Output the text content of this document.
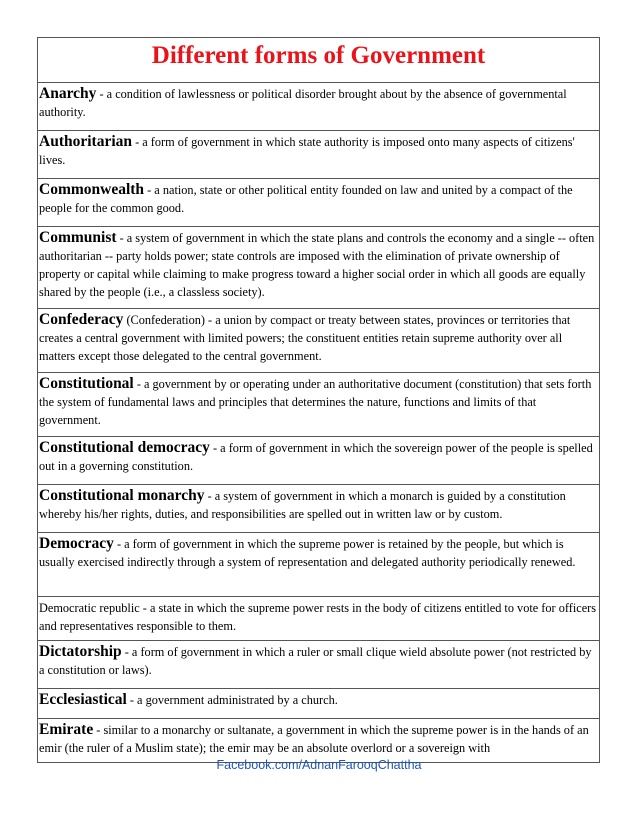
Different forms of Government
Anarchy - a condition of lawlessness or political disorder brought about by the absence of governmental authority.
Authoritarian - a form of government in which state authority is imposed onto many aspects of citizens' lives.
Commonwealth - a nation, state or other political entity founded on law and united by a compact of the people for the common good.
Communist - a system of government in which the state plans and controls the economy and a single -- often authoritarian -- party holds power; state controls are imposed with the elimination of private ownership of property or capital while claiming to make progress toward a higher social order in which all goods are equally shared by the people (i.e., a classless society).
Confederacy (Confederation) - a union by compact or treaty between states, provinces or territories that creates a central government with limited powers; the constituent entities retain supreme authority over all matters except those delegated to the central government.
Constitutional - a government by or operating under an authoritative document (constitution) that sets forth the system of fundamental laws and principles that determines the nature, functions and limits of that government.
Constitutional democracy - a form of government in which the sovereign power of the people is spelled out in a governing constitution.
Constitutional monarchy - a system of government in which a monarch is guided by a constitution whereby his/her rights, duties, and responsibilities are spelled out in written law or by custom.
Democracy - a form of government in which the supreme power is retained by the people, but which is usually exercised indirectly through a system of representation and delegated authority periodically renewed.
Democratic republic - a state in which the supreme power rests in the body of citizens entitled to vote for officers and representatives responsible to them.
Dictatorship - a form of government in which a ruler or small clique wield absolute power (not restricted by a constitution or laws).
Ecclesiastical - a government administrated by a church.
Emirate - similar to a monarchy or sultanate, a government in which the supreme power is in the hands of an emir (the ruler of a Muslim state); the emir may be an absolute overlord or a sovereign with
Facebook.com/AdnanFarooqChattha
